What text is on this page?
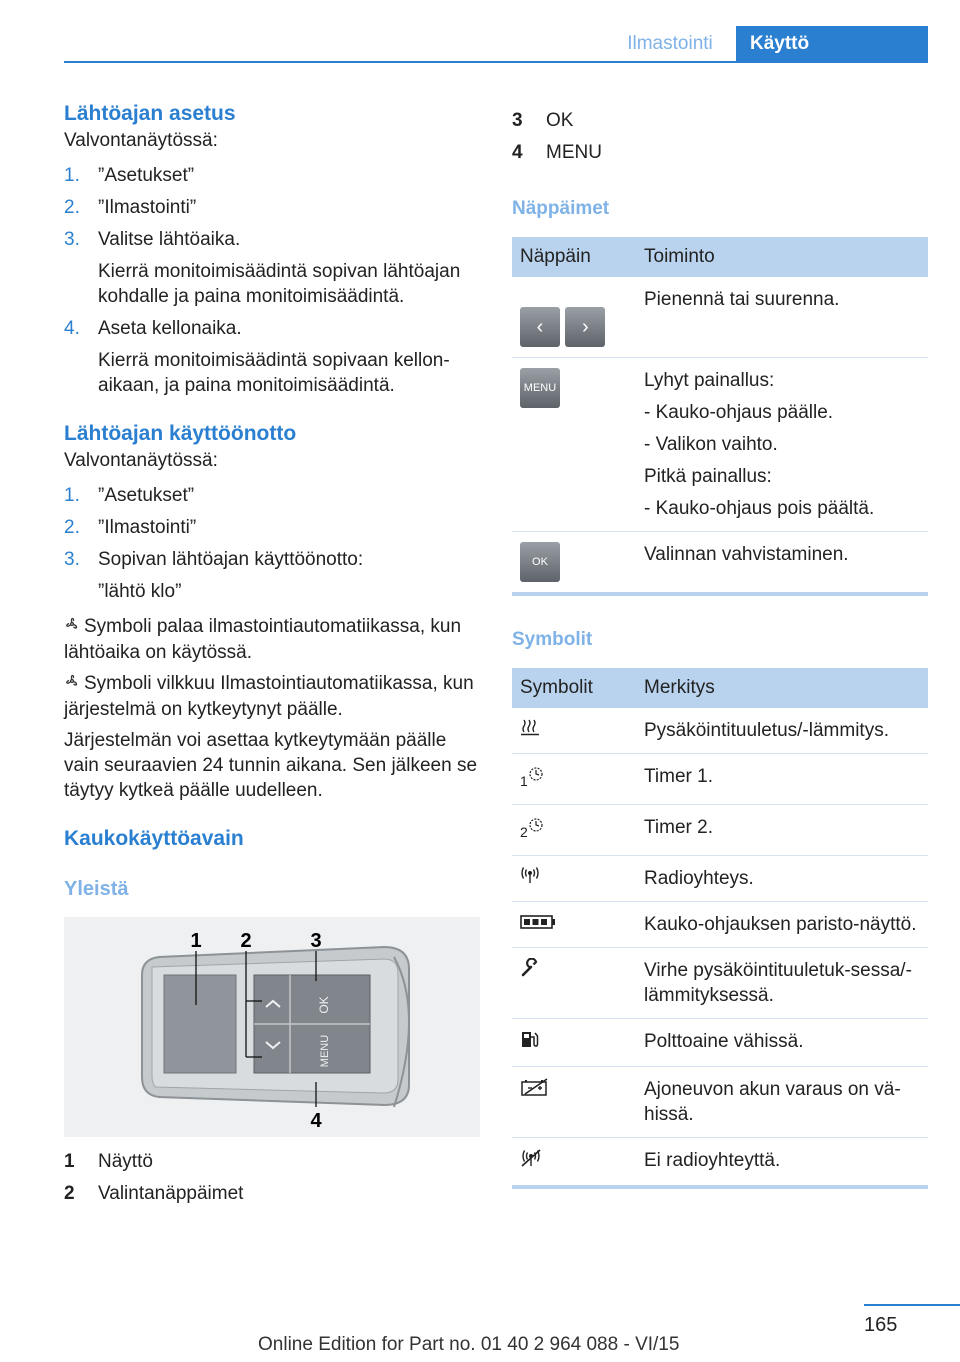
Ilmastointi	Käyttö
Lähtöajan asetus

Valvontanäytössä:

1. ”Asetukset”
2. ”Ilmastointi”
3. Valitse lähtöaika.
Kierrä monitoimisäädintä sopivan lähtöajan kohdalle ja paina monitoimisäädintä.
4. Aseta kellonaika.
Kierrä monitoimisäädintä sopivaan kellon‐aikaan, ja paina monitoimisäädintä.
Lähtöajan käyttöönotto

Valvontanäytössä:

1. ”Asetukset”
2. ”Ilmastointi”
3. Sopivan lähtöajan käyttöönotto:
”lähtö klo”

Symboli palaa ilmastointiautomatiikassa, kun lähtöaika on käytössä.

Symboli vilkkuu Ilmastointiautomatiikassa, kun järjestelmä on kytkeytynyt päälle.

Järjestelmän voi asettaa kytkeytymään päälle vain seuraavien 24 tunnin aikana. Sen jälkeen se täytyy kytkeä päälle uudelleen.

Kaukokäyttöavain
Yleistä
OK
MENU
1 2	3
4
1	Näyttö
2	Valintanäppäimet
3	OK
4	MENU
Näppäimet
Näppäin	Toiminto
‹ ›	Pienennä tai suurenna.
MENU	Lyhyt painallus:
- Kauko-ohjaus päälle.
- Valikon vaihto.
Pitkä painallus:
- Kauko-ohjaus pois päältä.

OK	Valinnan vahvistaminen.
Symbolit
Symbolit	Merkitys
	Pysäköintituuletus/-lämmitys.
$_1$	Timer 1.
$_2$	Timer 2.
	Radioyhteys.
	Kauko-ohjauksen paristo‐näyttö.
	Virhe pysäköintituuletuk‐sessa/-lämmityksessä.
	Polttoaine vähissä.
	Ajoneuvon akun varaus on vä‐hissä.
	Ei radioyhteyttä.
165
Online Edition for Part no. 01 40 2 964 088 - VI/15
